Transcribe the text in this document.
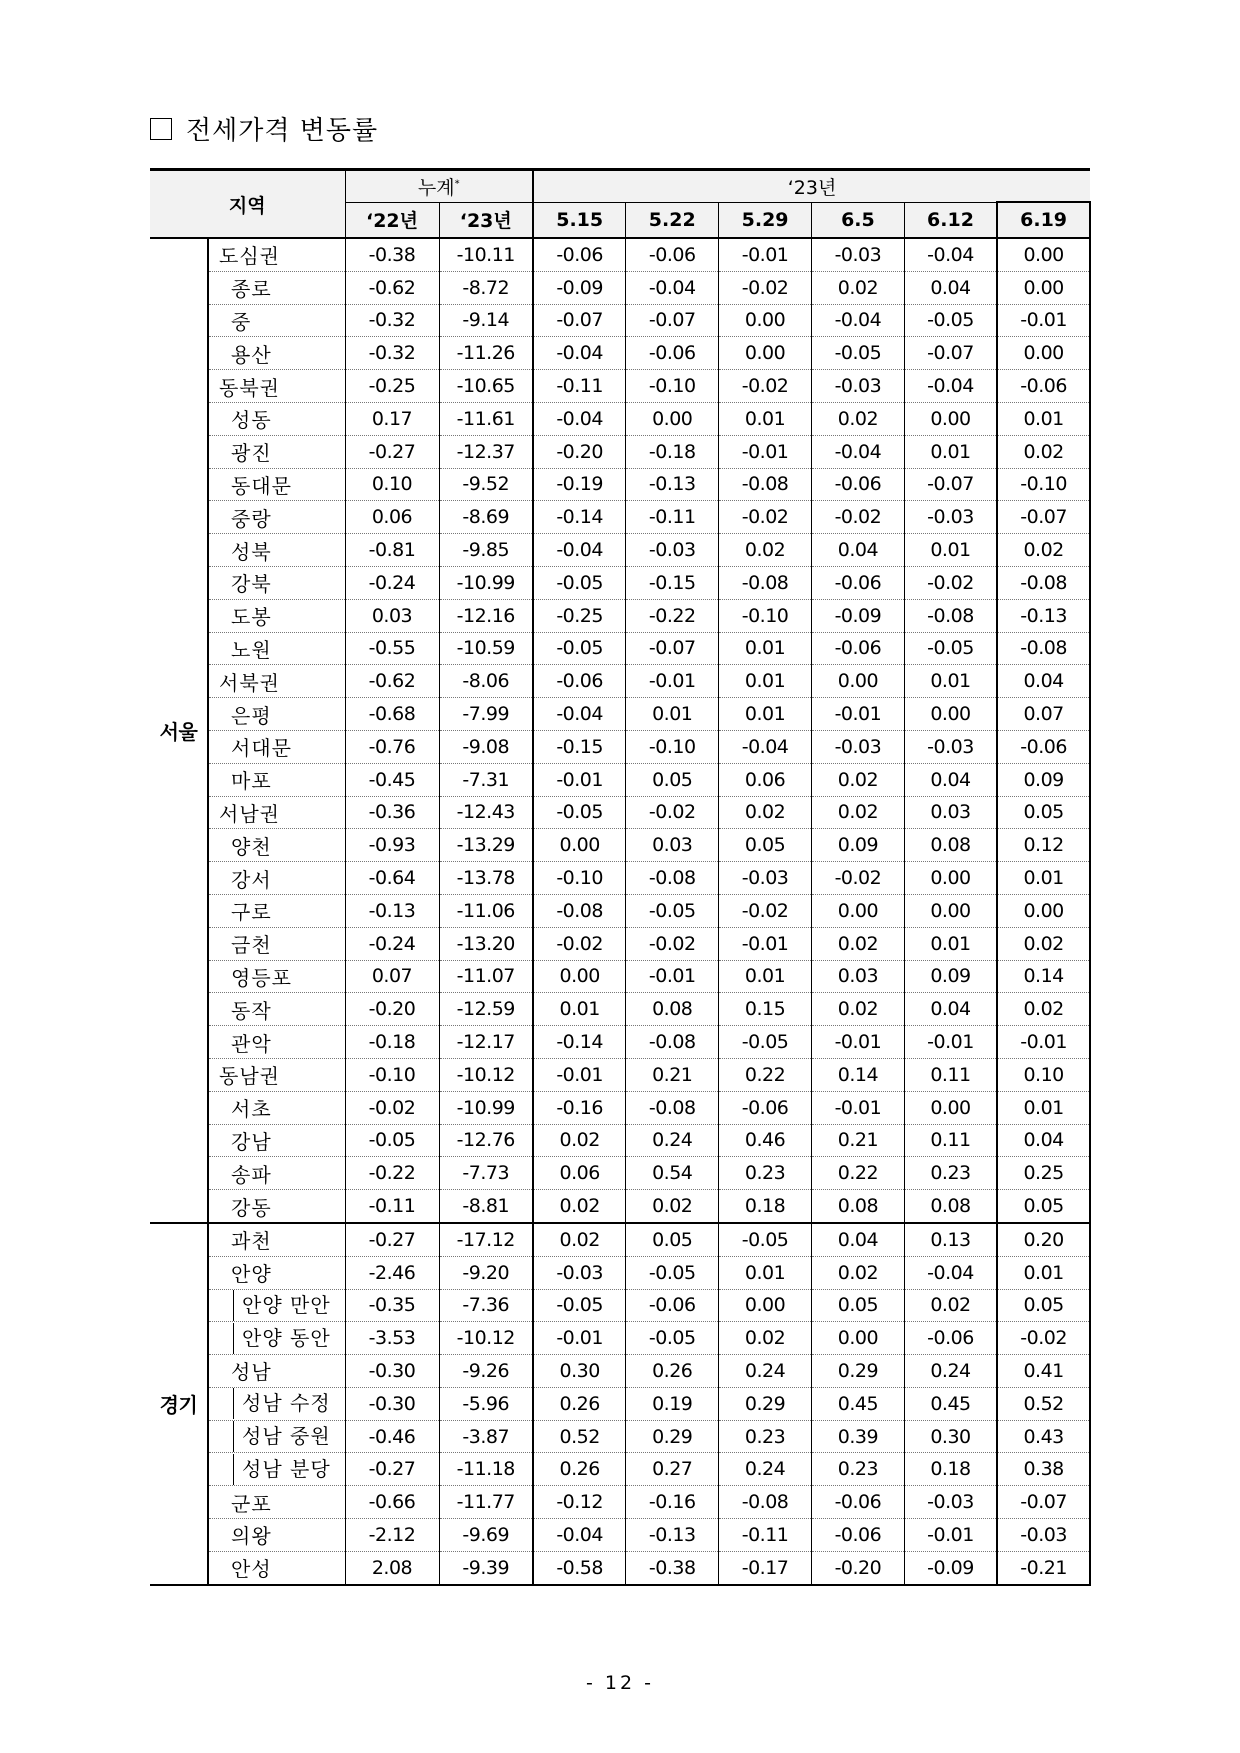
전세가격 변동률
지역		누계*		‘23년					
		‘22년	‘23년	5.15	5.22	5.29	6.5	6.12	6.19
서울	도심권	-0.38	-10.11	-0.06	-0.06	-0.01	-0.03	-0.04	0.00
	종로	-0.62	-8.72	-0.09	-0.04	-0.02	0.02	0.04	0.00
	중	-0.32	-9.14	-0.07	-0.07	0.00	-0.04	-0.05	-0.01
	용산	-0.32	-11.26	-0.04	-0.06	0.00	-0.05	-0.07	0.00
	동북권	-0.25	-10.65	-0.11	-0.10	-0.02	-0.03	-0.04	-0.06
	성동	0.17	-11.61	-0.04	0.00	0.01	0.02	0.00	0.01
	광진	-0.27	-12.37	-0.20	-0.18	-0.01	-0.04	0.01	0.02
	동대문	0.10	-9.52	-0.19	-0.13	-0.08	-0.06	-0.07	-0.10
	중랑	0.06	-8.69	-0.14	-0.11	-0.02	-0.02	-0.03	-0.07
	성북	-0.81	-9.85	-0.04	-0.03	0.02	0.04	0.01	0.02
	강북	-0.24	-10.99	-0.05	-0.15	-0.08	-0.06	-0.02	-0.08
	도봉	0.03	-12.16	-0.25	-0.22	-0.10	-0.09	-0.08	-0.13
	노원	-0.55	-10.59	-0.05	-0.07	0.01	-0.06	-0.05	-0.08
	서북권	-0.62	-8.06	-0.06	-0.01	0.01	0.00	0.01	0.04
	은평	-0.68	-7.99	-0.04	0.01	0.01	-0.01	0.00	0.07
	서대문	-0.76	-9.08	-0.15	-0.10	-0.04	-0.03	-0.03	-0.06
	마포	-0.45	-7.31	-0.01	0.05	0.06	0.02	0.04	0.09
	서남권	-0.36	-12.43	-0.05	-0.02	0.02	0.02	0.03	0.05
	양천	-0.93	-13.29	0.00	0.03	0.05	0.09	0.08	0.12
	강서	-0.64	-13.78	-0.10	-0.08	-0.03	-0.02	0.00	0.01
	구로	-0.13	-11.06	-0.08	-0.05	-0.02	0.00	0.00	0.00
	금천	-0.24	-13.20	-0.02	-0.02	-0.01	0.02	0.01	0.02
	영등포	0.07	-11.07	0.00	-0.01	0.01	0.03	0.09	0.14
	동작	-0.20	-12.59	0.01	0.08	0.15	0.02	0.04	0.02
	관악	-0.18	-12.17	-0.14	-0.08	-0.05	-0.01	-0.01	-0.01
	동남권	-0.10	-10.12	-0.01	0.21	0.22	0.14	0.11	0.10
	서초	-0.02	-10.99	-0.16	-0.08	-0.06	-0.01	0.00	0.01
	강남	-0.05	-12.76	0.02	0.24	0.46	0.21	0.11	0.04
	송파	-0.22	-7.73	0.06	0.54	0.23	0.22	0.23	0.25
	강동	-0.11	-8.81	0.02	0.02	0.18	0.08	0.08	0.05
경기	과천	-0.27	-17.12	0.02	0.05	-0.05	0.04	0.13	0.20
	안양	-2.46	-9.20	-0.03	-0.05	0.01	0.02	-0.04	0.01
	안양 만안	-0.35	-7.36	-0.05	-0.06	0.00	0.05	0.02	0.05
	안양 동안	-3.53	-10.12	-0.01	-0.05	0.02	0.00	-0.06	-0.02
	성남	-0.30	-9.26	0.30	0.26	0.24	0.29	0.24	0.41
	성남 수정	-0.30	-5.96	0.26	0.19	0.29	0.45	0.45	0.52
	성남 중원	-0.46	-3.87	0.52	0.29	0.23	0.39	0.30	0.43
	성남 분당	-0.27	-11.18	0.26	0.27	0.24	0.23	0.18	0.38
	군포	-0.66	-11.77	-0.12	-0.16	-0.08	-0.06	-0.03	-0.07
	의왕	-2.12	-9.69	-0.04	-0.13	-0.11	-0.06	-0.01	-0.03
	안성	2.08	-9.39	-0.58	-0.38	-0.17	-0.20	-0.09	-0.21
- 12 -
